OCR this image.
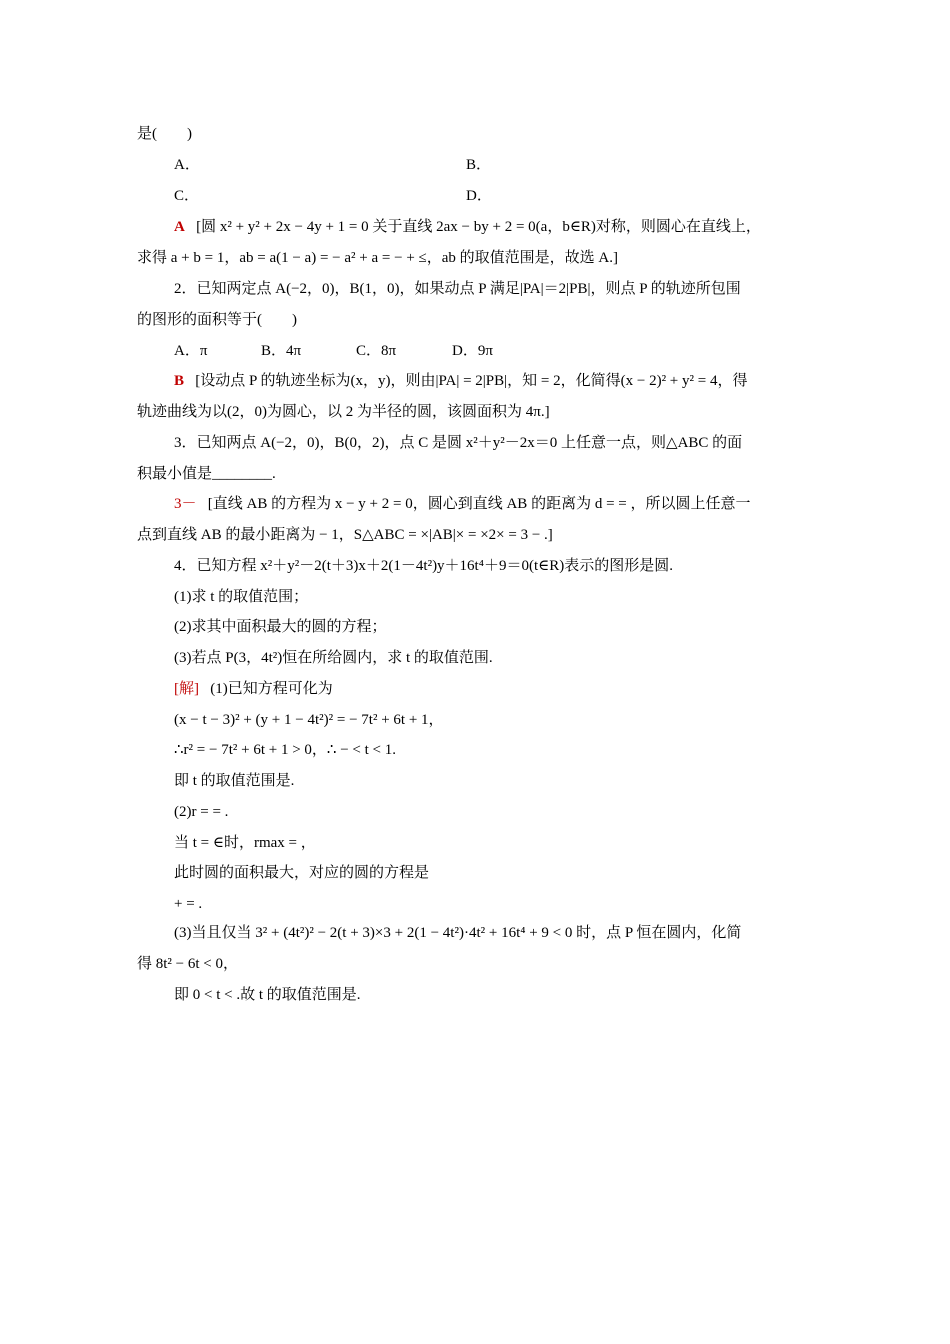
是(　　)
A．	B．
C．	D．
A [圆 x² + y² + 2x − 4y + 1 = 0 关于直线 2ax − by + 2 = 0(a，b∈R)对称，则圆心在直线上，
求得 a + b = 1，ab = a(1 − a) = − a² + a = − + ≤，ab 的取值范围是，故选 A.]
2．已知两定点 A(−2，0)，B(1，0)，如果动点 P 满足|PA|＝2|PB|，则点 P 的轨迹所包围
的图形的面积等于(　　)
A．π	B．4π	C．8π	D．9π
B [设动点 P 的轨迹坐标为(x，y)，则由|PA| = 2|PB|，知 = 2，化简得(x − 2)² + y² = 4，得
轨迹曲线为以(2，0)为圆心，以 2 为半径的圆，该圆面积为 4π.]
3．已知两点 A(−2，0)，B(0，2)，点 C 是圆 x²＋y²－2x＝0 上任意一点，则△ABC 的面
积最小值是________.
3－ [直线 AB 的方程为 x − y + 2 = 0，圆心到直线 AB 的距离为 d = = ，所以圆上任意一
点到直线 AB 的最小距离为 − 1，S△ABC = ×|AB|× = ×2× = 3 − .]
4．已知方程 x²＋y²－2(t＋3)x＋2(1－4t²)y＋16t⁴＋9＝0(t∈R)表示的图形是圆.
(1)求 t 的取值范围；
(2)求其中面积最大的圆的方程；
(3)若点 P(3，4t²)恒在所给圆内，求 t 的取值范围.
[解] (1)已知方程可化为
(x − t − 3)² + (y + 1 − 4t²)² = − 7t² + 6t + 1，
∴r² = − 7t² + 6t + 1 > 0，∴ − < t < 1.
即 t 的取值范围是.
(2)r = = .
当 t = ∈时，rmax = ，
此时圆的面积最大，对应的圆的方程是
+ = .
(3)当且仅当 3² + (4t²)² − 2(t + 3)×3 + 2(1 − 4t²)·4t² + 16t⁴ + 9 < 0 时，点 P 恒在圆内，化简
得 8t² − 6t < 0，
即 0 < t < .故 t 的取值范围是.
